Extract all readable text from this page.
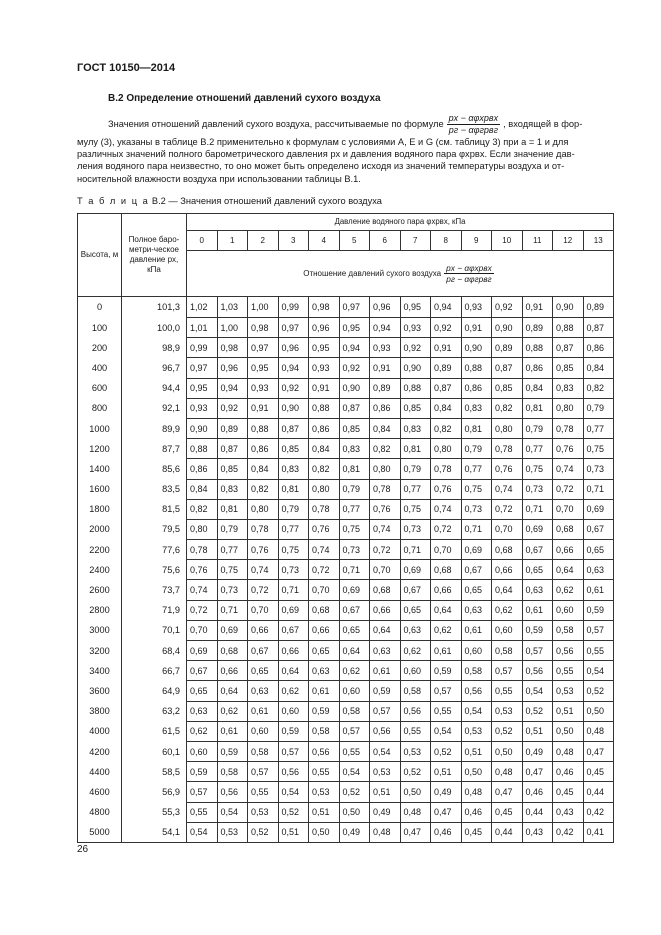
ГОСТ 10150—2014
В.2 Определение отношений давлений сухого воздуха
Значения отношений давлений сухого воздуха, рассчитываемые по формуле $\frac{\text{px − αφxpвх}}{\text{pг − αφгpвг}}$ , входящей в фор-
мулу (3), указаны в таблице В.2 применительно к формулам с условиями A, E и G (см. таблицу 3) при a = 1 и для
различных значений полного барометрического давления px и давления водяного пара φxpвх. Если значение дав-
ления водяного пара неизвестно, то оно может быть определено исходя из значений температуры воздуха и от-
носительной влажности воздуха при использовании таблицы В.1.
Т а б л и ц а В.2 — Значения отношений давлений сухого воздуха
Высота, м	Полное баро-метри-ческое давление px, кПа	Давление водяного пара φxpвх, кПа													
		0	1	2	3	4	5	6	7	8	9	10	11	12	13

		Отношение давлений сухого воздуха $\frac{\text{px − αφxpвх}}{\text{pг − αφгpвг}}$

0	101,3	1,02	1,03	1,00	0,99	0,98	0,97	0,96	0,95	0,94	0,93	0,92	0,91	0,90	0,89
100	100,0	1,01	1,00	0,98	0,97	0,96	0,95	0,94	0,93	0,92	0,91	0,90	0,89	0,88	0,87
200	98,9	0,99	0,98	0,97	0,96	0,95	0,94	0,93	0,92	0,91	0,90	0,89	0,88	0,87	0,86
400	96,7	0,97	0,96	0,95	0,94	0,93	0,92	0,91	0,90	0,89	0,88	0,87	0,86	0,85	0,84
600	94,4	0,95	0,94	0,93	0,92	0,91	0,90	0,89	0,88	0,87	0,86	0,85	0,84	0,83	0,82
800	92,1	0,93	0,92	0,91	0,90	0,88	0,87	0,86	0,85	0,84	0,83	0,82	0,81	0,80	0,79
1000	89,9	0,90	0,89	0,88	0,87	0,86	0,85	0,84	0,83	0,82	0,81	0,80	0,79	0,78	0,77
1200	87,7	0,88	0,87	0,86	0,85	0,84	0,83	0,82	0,81	0,80	0,79	0,78	0,77	0,76	0,75
1400	85,6	0,86	0,85	0,84	0,83	0,82	0,81	0,80	0,79	0,78	0,77	0,76	0,75	0,74	0,73
1600	83,5	0,84	0,83	0,82	0,81	0,80	0,79	0,78	0,77	0,76	0,75	0,74	0,73	0,72	0,71
1800	81,5	0,82	0,81	0,80	0,79	0,78	0,77	0,76	0,75	0,74	0,73	0,72	0,71	0,70	0,69
2000	79,5	0,80	0,79	0,78	0,77	0,76	0,75	0,74	0,73	0,72	0,71	0,70	0,69	0,68	0,67
2200	77,6	0,78	0,77	0,76	0,75	0,74	0,73	0,72	0,71	0,70	0,69	0,68	0,67	0,66	0,65
2400	75,6	0,76	0,75	0,74	0,73	0,72	0,71	0,70	0,69	0,68	0,67	0,66	0,65	0,64	0,63
2600	73,7	0,74	0,73	0,72	0,71	0,70	0,69	0,68	0,67	0,66	0,65	0,64	0,63	0,62	0,61
2800	71,9	0,72	0,71	0,70	0,69	0,68	0,67	0,66	0,65	0,64	0,63	0,62	0,61	0,60	0,59
3000	70,1	0,70	0,69	0,66	0,67	0,66	0,65	0,64	0,63	0,62	0,61	0,60	0,59	0,58	0,57
3200	68,4	0,69	0,68	0,67	0,66	0,65	0,64	0,63	0,62	0,61	0,60	0,58	0,57	0,56	0,55
3400	66,7	0,67	0,66	0,65	0,64	0,63	0,62	0,61	0,60	0,59	0,58	0,57	0,56	0,55	0,54
3600	64,9	0,65	0,64	0,63	0,62	0,61	0,60	0,59	0,58	0,57	0,56	0,55	0,54	0,53	0,52
3800	63,2	0,63	0,62	0,61	0,60	0,59	0,58	0,57	0,56	0,55	0,54	0,53	0,52	0,51	0,50
4000	61,5	0,62	0,61	0,60	0,59	0,58	0,57	0,56	0,55	0,54	0,53	0,52	0,51	0,50	0,48
4200	60,1	0,60	0,59	0,58	0,57	0,56	0,55	0,54	0,53	0,52	0,51	0,50	0,49	0,48	0,47
4400	58,5	0,59	0,58	0,57	0,56	0,55	0,54	0,53	0,52	0,51	0,50	0,48	0,47	0,46	0,45
4600	56,9	0,57	0,56	0,55	0,54	0,53	0,52	0,51	0,50	0,49	0,48	0,47	0,46	0,45	0,44
4800	55,3	0,55	0,54	0,53	0,52	0,51	0,50	0,49	0,48	0,47	0,46	0,45	0,44	0,43	0,42
5000	54,1	0,54	0,53	0,52	0,51	0,50	0,49	0,48	0,47	0,46	0,45	0,44	0,43	0,42	0,41
26
